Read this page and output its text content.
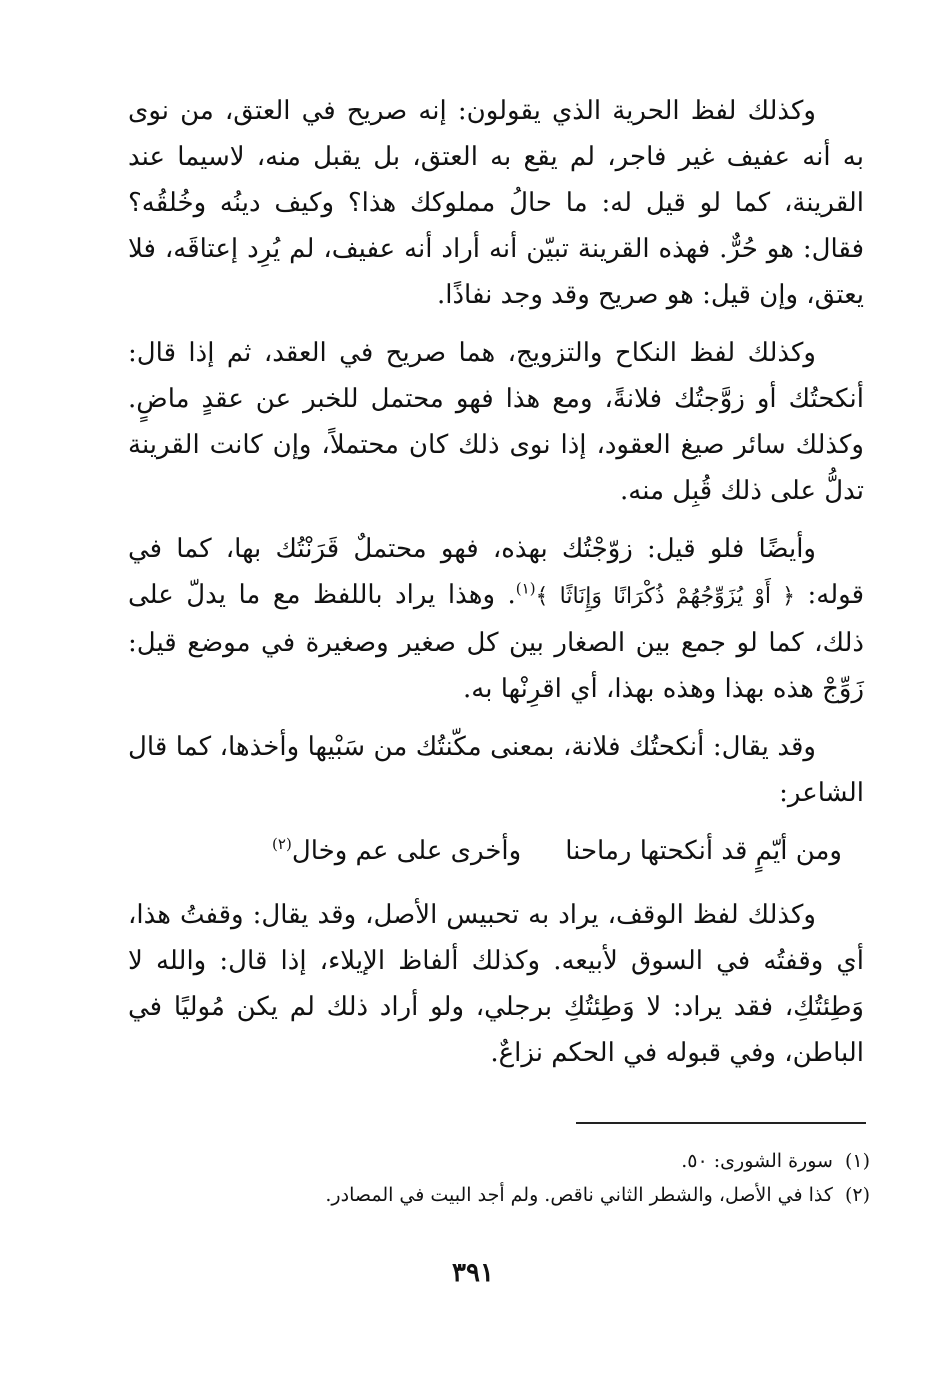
وكذلك لفظ الحرية الذي يقولون: إنه صريح في العتق، من نوى به أنه عفيف غير فاجر، لم يقع به العتق، بل يقبل منه، لاسيما عند القرينة، كما لو قيل له: ما حالُ مملوكك هذا؟ وكيف دينُه وخُلقُه؟ فقال: هو حُرٌّ. فهذه القرينة تبيّن أنه أراد أنه عفيف، لم يُرِد إعتاقَه، فلا يعتق، وإن قيل: هو صريح وقد وجد نفاذًا.

وكذلك لفظ النكاح والتزويج، هما صريح في العقد، ثم إذا قال: أنكحتُك أو زوَّجتُك فلانةً، ومع هذا فهو محتمل للخبر عن عقدٍ ماضٍ. وكذلك سائر صيغ العقود، إذا نوى ذلك كان محتملاً، وإن كانت القرينة تدلُّ على ذلك قُبِل منه.

وأيضًا فلو قيل: زوّجْتُك بهذه، فهو محتملٌ قَرَنْتُك بها، كما في قوله: ﴿ أَوْ يُزَوِّجُهُمْ ذُكْرَانًا وَإِنَاثًا ﴾$^{(١)}$. وهذا يراد باللفظ مع ما يدلّ على ذلك، كما لو جمع بين الصغار بين كل صغير وصغيرة في موضع قيل: زَوِّجْ هذه بهذا وهذه بهذا، أي اقرِنْها به.

وقد يقال: أنكحتُك فلانة، بمعنى مكّنتُك من سَبْيها وأخذها، كما قال الشاعر:

ومن أيّمٍ قد أنكحتها رماحنا
وأخرى على عم وخال(٢)

وكذلك لفظ الوقف، يراد به تحبيس الأصل، وقد يقال: وقفتُ هذا، أي وقفتُه في السوق لأبيعه. وكذلك ألفاظ الإيلاء، إذا قال: والله لا وَطِئتُكِ، فقد يراد: لا وَطِئتُكِ برجلي، ولو أراد ذلك لم يكن مُوليًا في الباطن، وفي قبوله في الحكم نزاعٌ.

(١)سورة الشورى: ٥٠.

(٢)كذا في الأصل، والشطر الثاني ناقص. ولم أجد البيت في المصادر.

٣٩١
